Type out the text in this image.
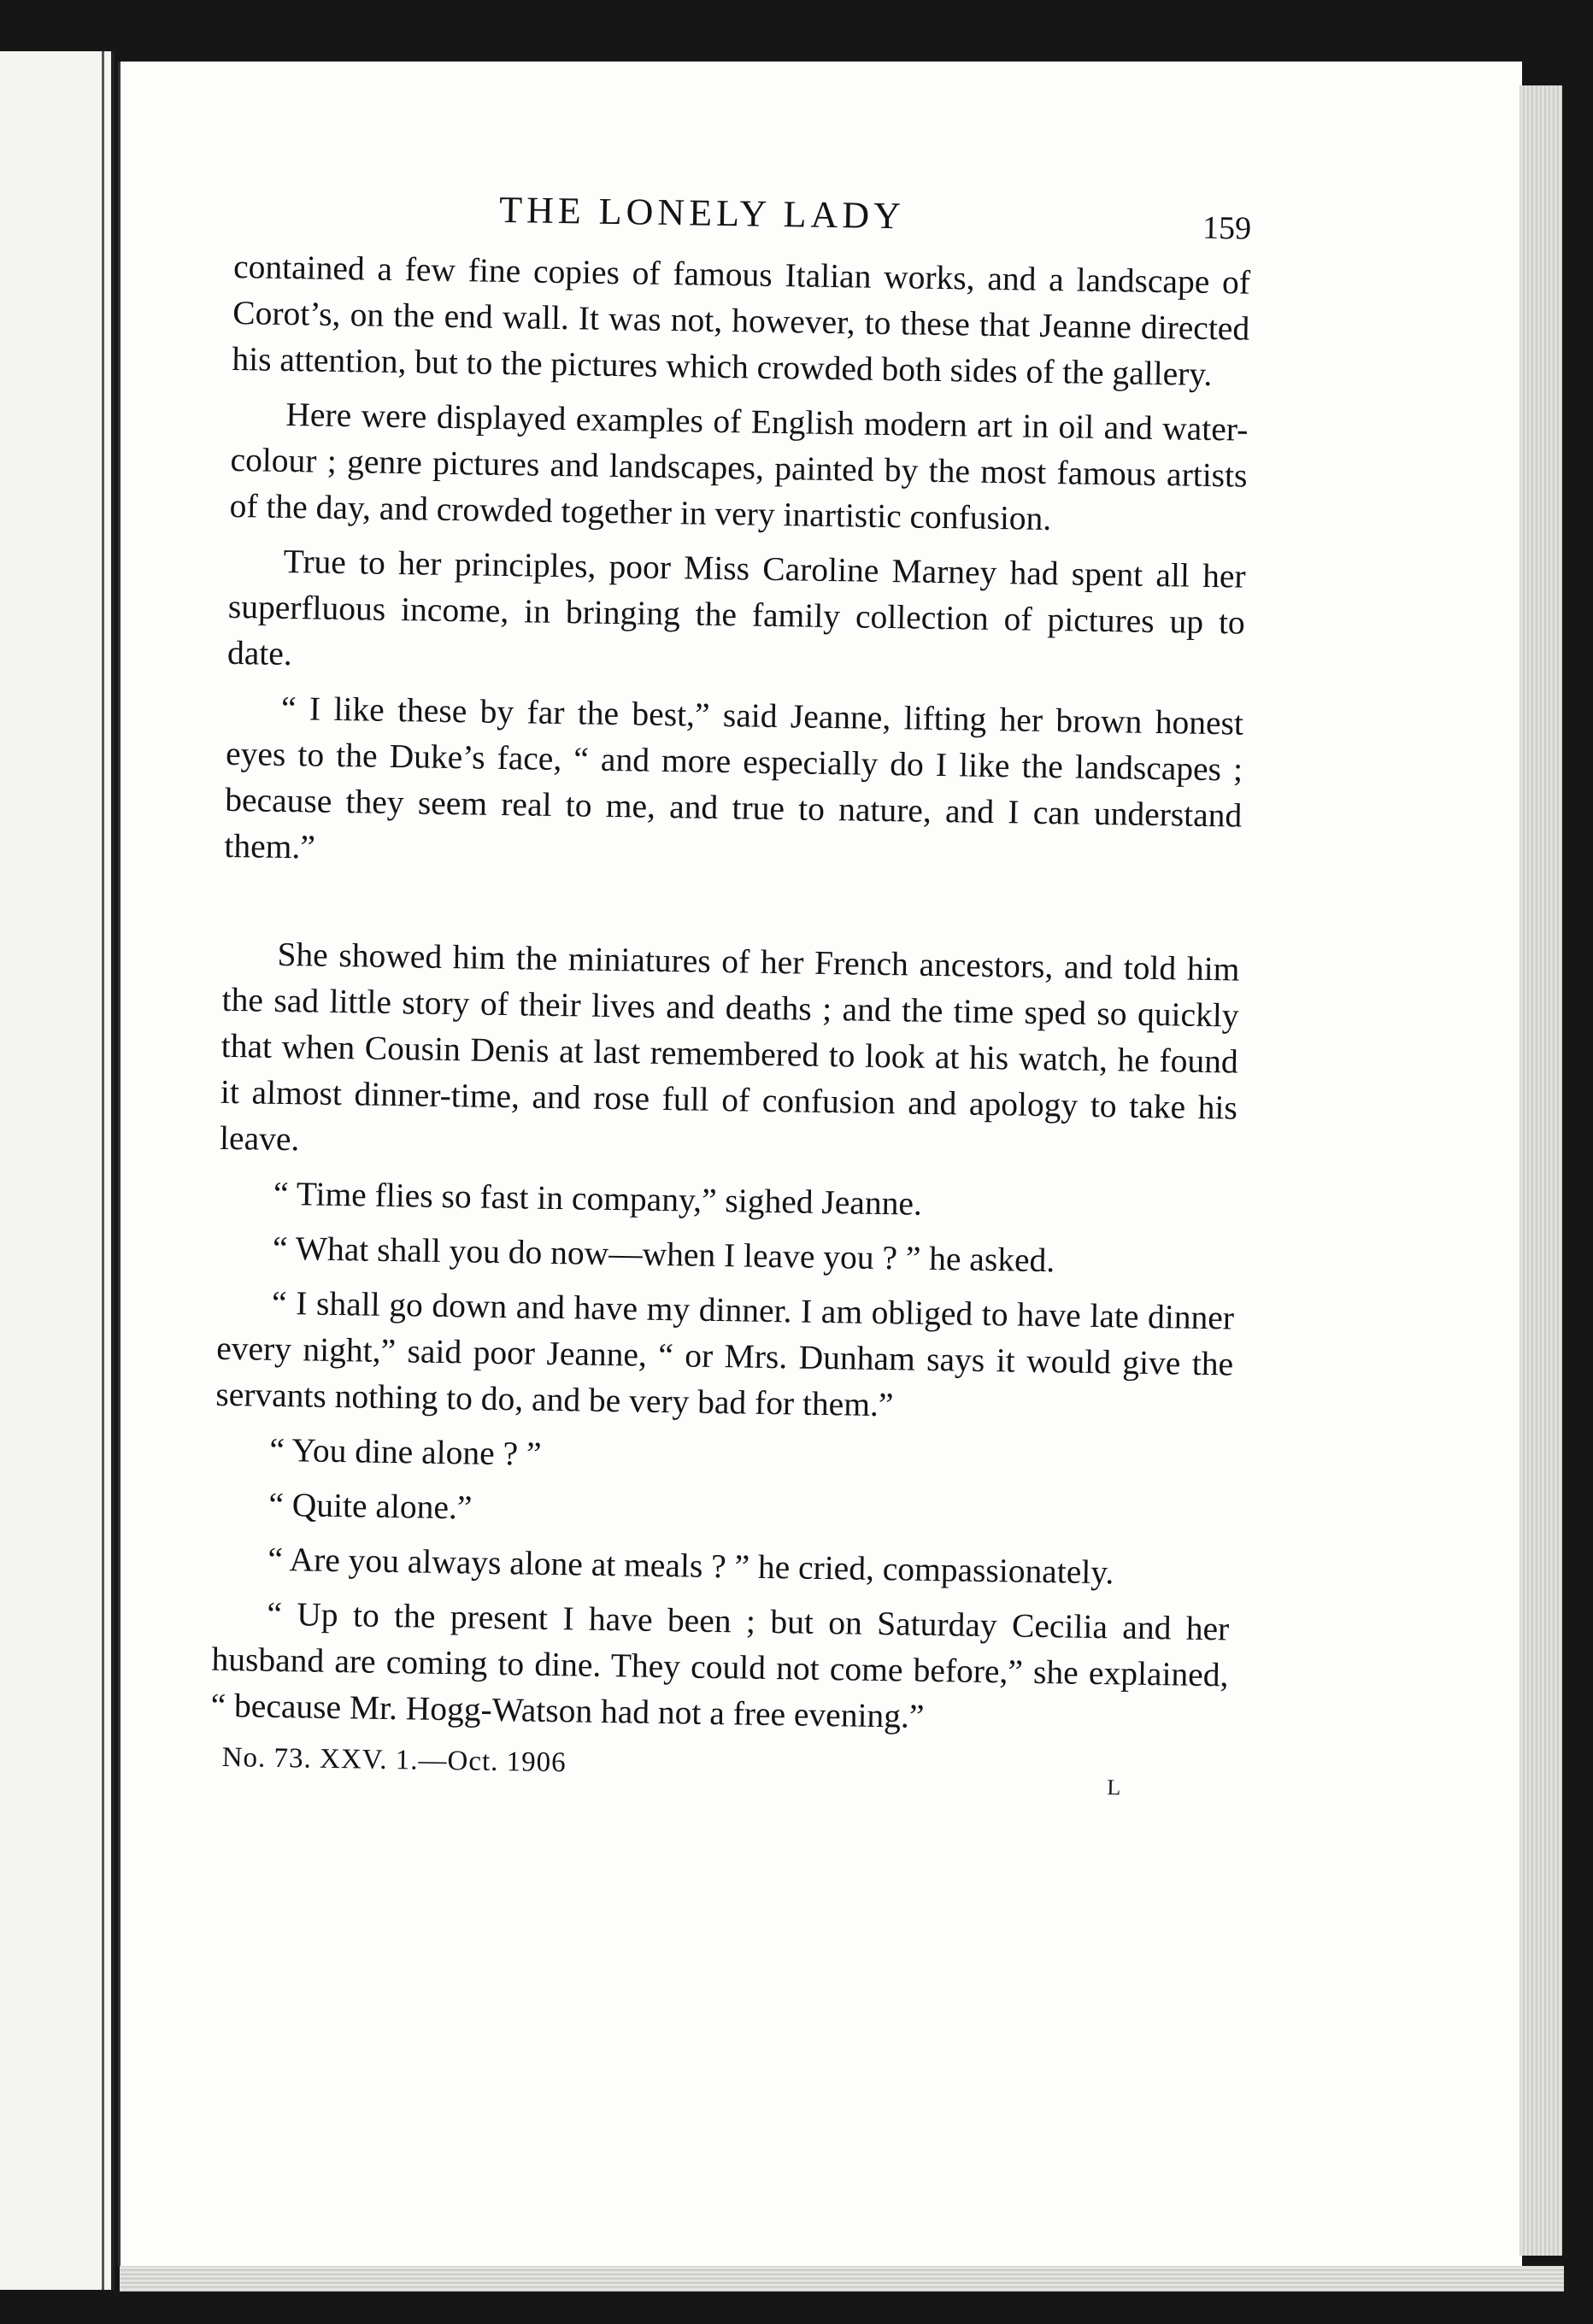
THE LONELY LADY	159

contained a few fine copies of famous Italian works, and a landscape of Corot’s, on the end wall. It was not, however, to these that Jeanne directed his attention, but to the pictures which crowded both sides of the gallery.

Here were displayed examples of English modern art in oil and water-colour ; genre pictures and landscapes, painted by the most famous artists of the day, and crowded together in very inartistic confusion.

True to her principles, poor Miss Caroline Marney had spent all her superfluous income, in bringing the family collection of pictures up to date.

“ I like these by far the best,” said Jeanne, lifting her brown honest eyes to the Duke’s face, “ and more especially do I like the landscapes ; because they seem real to me, and true to nature, and I can understand them.”

She showed him the miniatures of her French ancestors, and told him the sad little story of their lives and deaths ; and the time sped so quickly that when Cousin Denis at last remembered to look at his watch, he found it almost dinner-time, and rose full of confusion and apology to take his leave.

“ Time flies so fast in company,” sighed Jeanne.

“ What shall you do now—when I leave you ? ” he asked.

“ I shall go down and have my dinner. I am obliged to have late dinner every night,” said poor Jeanne, “ or Mrs. Dunham says it would give the servants nothing to do, and be very bad for them.”

“ You dine alone ? ”

“ Quite alone.”

“ Are you always alone at meals ? ” he cried, compassionately.

“ Up to the present I have been ; but on Saturday Cecilia and her husband are coming to dine. They could not come before,” she explained, “ because Mr. Hogg-Watson had not a free evening.”

No. 73. XXV. 1.—Oct. 1906
L
